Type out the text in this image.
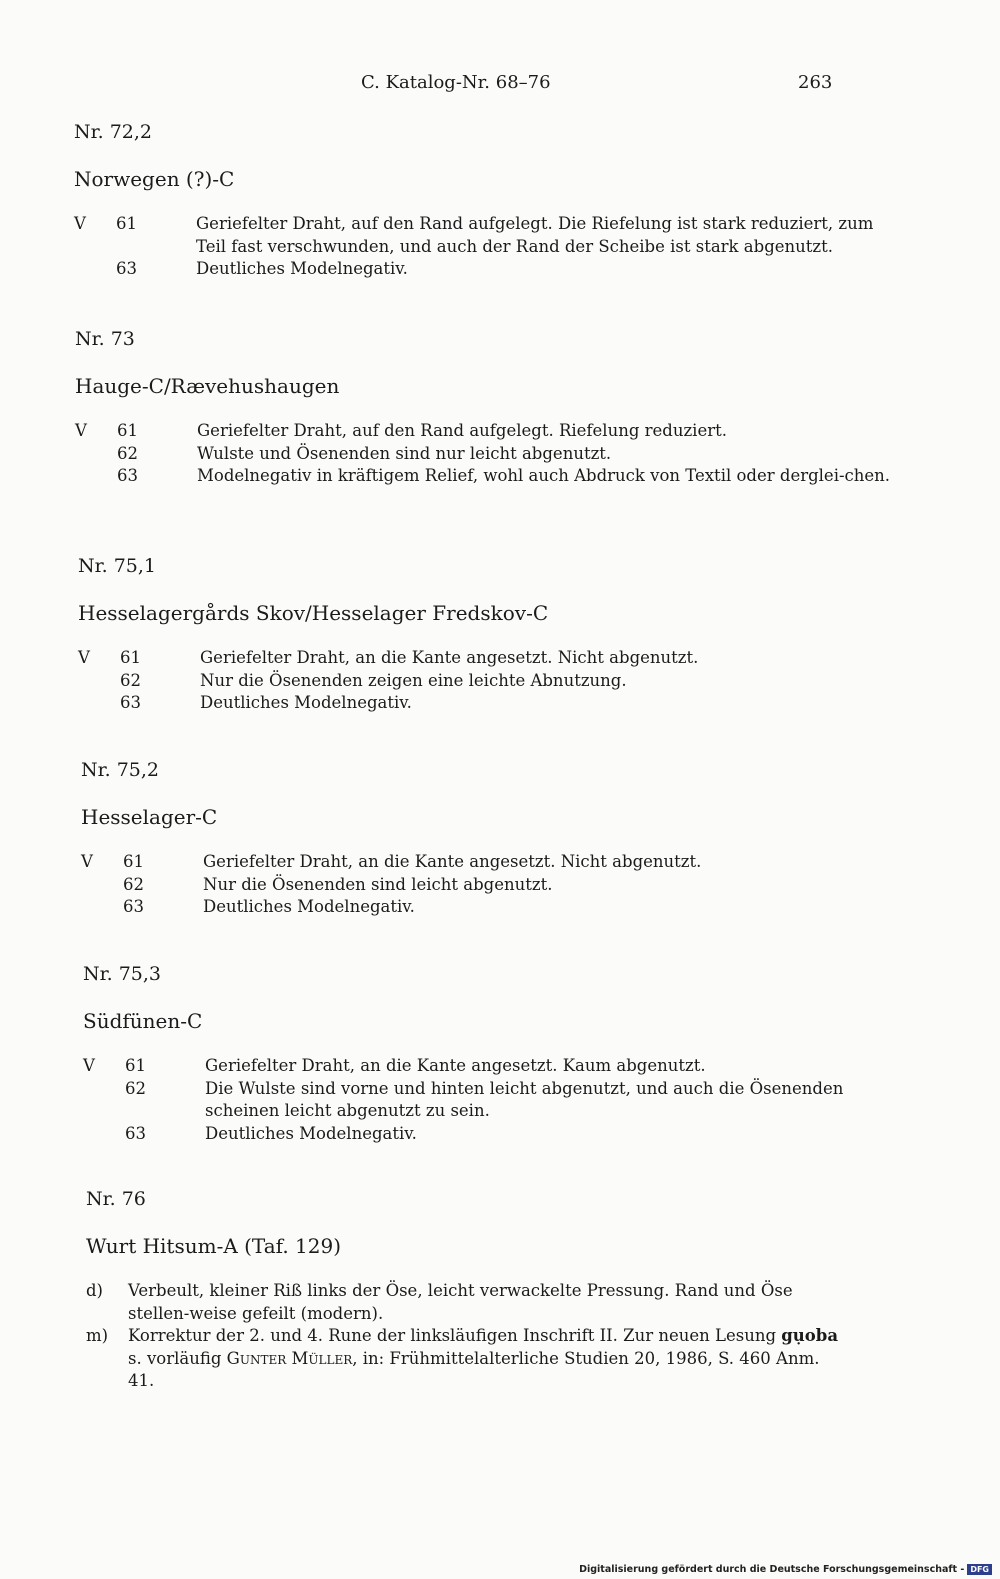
C. Katalog-Nr. 68–76	263
Nr. 72,2
Norwegen (?)-C
V	61	Geriefelter Draht, auf den Rand aufgelegt. Die Riefelung ist stark reduziert, zum Teil fast verschwunden, und auch der Rand der Scheibe ist stark abgenutzt.
63	Deutliches Modelnegativ.
Nr. 73
Hauge-C/Rævehushaugen
V	61	Geriefelter Draht, auf den Rand aufgelegt. Riefelung reduziert.
62	Wulste und Ösenenden sind nur leicht abgenutzt.
63	Modelnegativ in kräftigem Relief, wohl auch Abdruck von Textil oder derglei-chen.
Nr. 75,1
Hesselagergårds Skov/Hesselager Fredskov-C
V	61	Geriefelter Draht, an die Kante angesetzt. Nicht abgenutzt.
62	Nur die Ösenenden zeigen eine leichte Abnutzung.
63	Deutliches Modelnegativ.
Nr. 75,2
Hesselager-C
V	61	Geriefelter Draht, an die Kante angesetzt. Nicht abgenutzt.
62	Nur die Ösenenden sind leicht abgenutzt.
63	Deutliches Modelnegativ.
Nr. 75,3
Südfünen-C
V	61	Geriefelter Draht, an die Kante angesetzt. Kaum abgenutzt.
62	Die Wulste sind vorne und hinten leicht abgenutzt, und auch die Ösenenden scheinen leicht abgenutzt zu sein.
63	Deutliches Modelnegativ.
Nr. 76
Wurt Hitsum-A (Taf. 129)
d)	Verbeult, kleiner Riß links der Öse, leicht verwackelte Pressung. Rand und Öse stellen-weise gefeilt (modern).
m)	Korrektur der 2. und 4. Rune der linksläufigen Inschrift II. Zur neuen Lesung gụoba s. vorläufig Gunter Müller, in: Frühmittelalterliche Studien 20, 1986, S. 460 Anm. 41.
Digitalisierung gefördert durch die Deutsche Forschungsgemeinschaft - DFG
